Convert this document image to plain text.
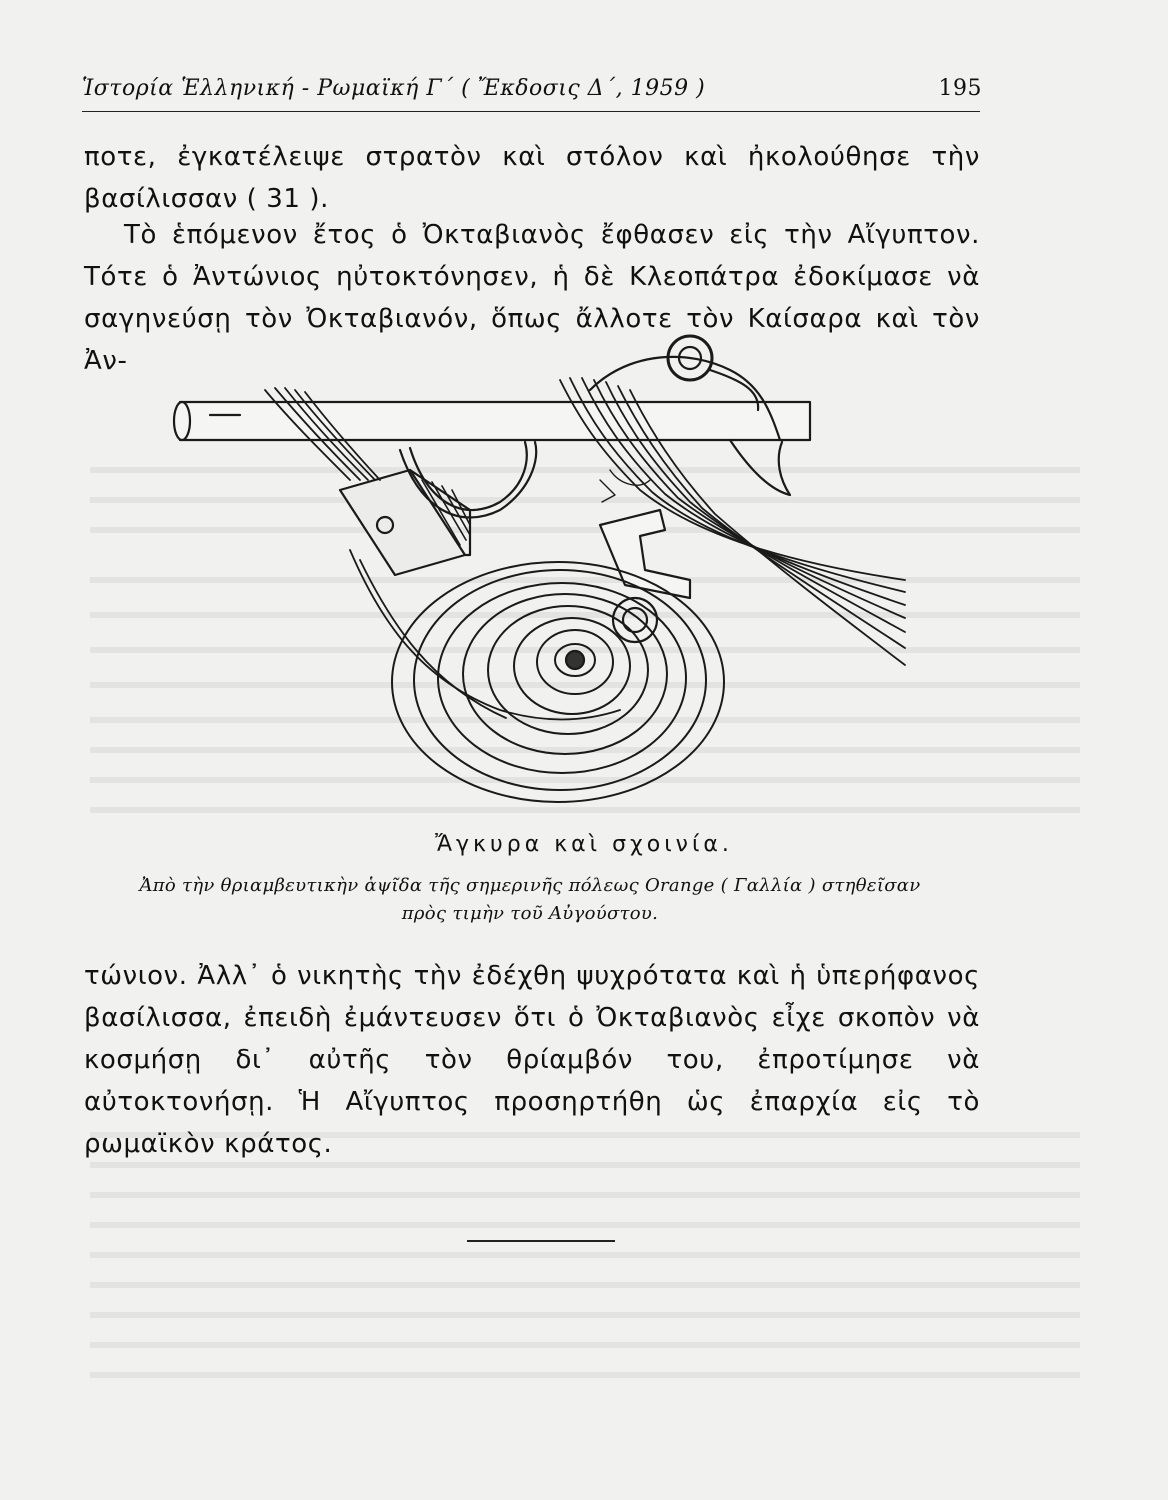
Ἱστορία Ἑλληνική - Ρωμαϊκή Γ΄ ( Ἔκδοσις Δ΄, 1959 )	195
ποτε, ἐγκατέλειψε στρατὸν καὶ στόλον καὶ ἠκολούθησε τὴν βασίλισσαν ( 31 ).
Τὸ ἑπόμενον ἔτος ὁ Ὀκταβιανὸς ἔφθασεν εἰς τὴν Αἴγυπτον. Τότε ὁ Ἀντώνιος ηὐτοκτόνησεν, ἡ δὲ Κλεοπάτρα ἐδοκίμασε νὰ σαγηνεύσῃ τὸν Ὀκταβιανόν, ὅπως ἄλλοτε τὸν Καίσαρα καὶ τὸν Ἀν-
Ἄγκυρα καὶ σχοινία.
Ἀπὸ τὴν θριαμβευτικὴν ἁψῖδα τῆς σημερινῆς πόλεως Orange ( Γαλλία ) στηθεῖσαν
πρὸς τιμὴν τοῦ Αὐγούστου.
τώνιον. Ἀλλ᾽ ὁ νικητὴς τὴν ἐδέχθη ψυχρότατα καὶ ἡ ὑπερήφανος βασίλισσα, ἐπειδὴ ἐμάντευσεν ὅτι ὁ Ὀκταβιανὸς εἶχε σκοπὸν νὰ κοσμήσῃ δι᾽ αὐτῆς τὸν θρίαμβόν του, ἐπροτίμησε νὰ αὐτοκτονήσῃ. Ἡ Αἴγυπτος προσηρτήθη ὡς ἐπαρχία εἰς τὸ ρωμαϊκὸν κράτος.
